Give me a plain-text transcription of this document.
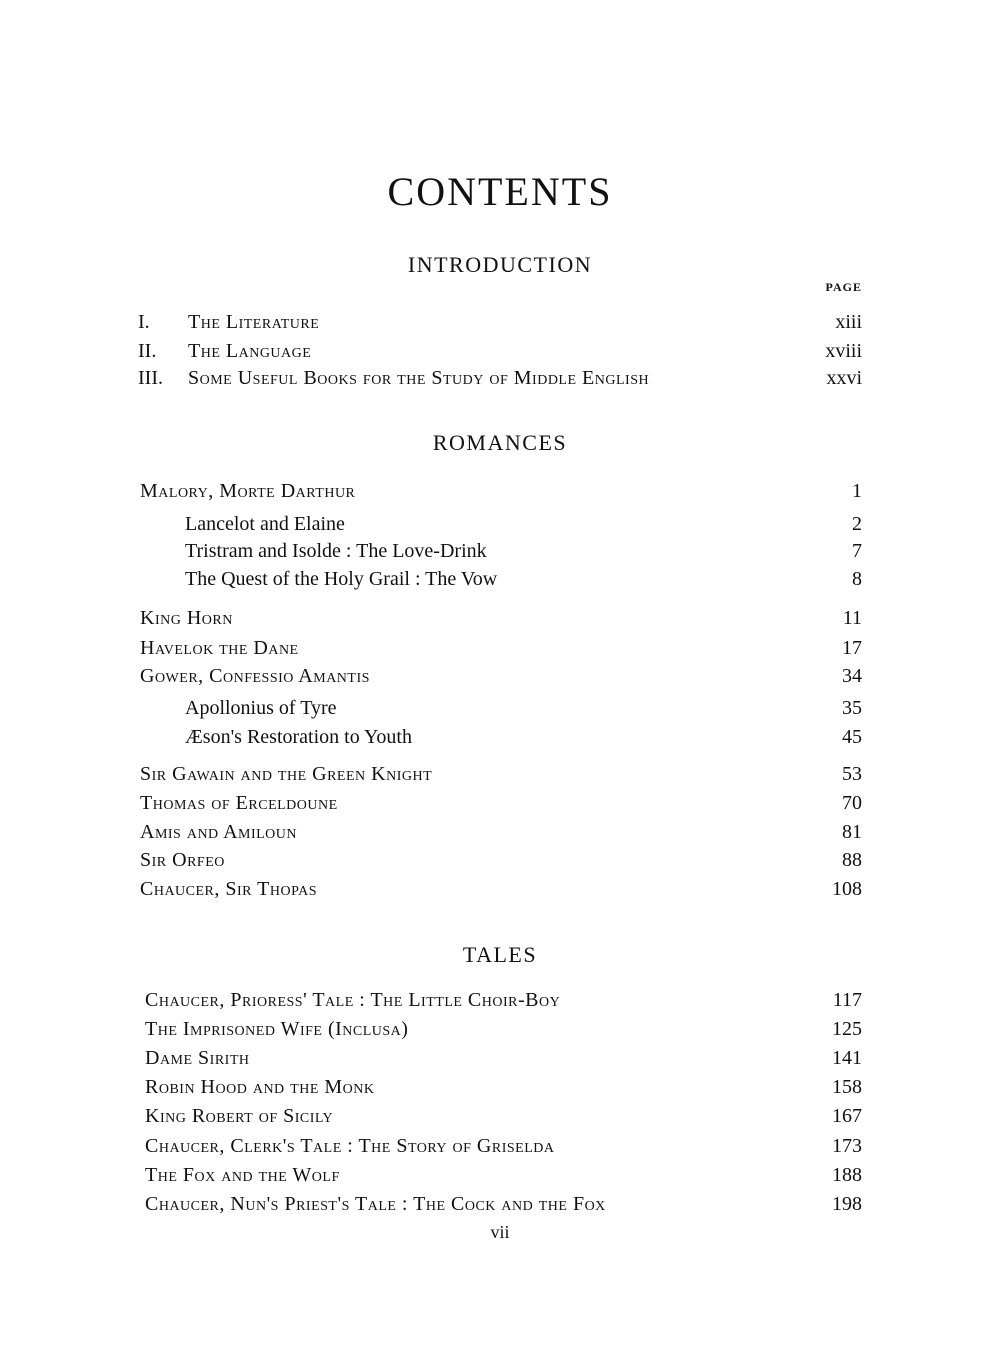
CONTENTS
INTRODUCTION
PAGE
I.	The Literature	xiii
II.	The Language	xviii
III.	Some Useful Books for the Study of Middle English	xxvi
ROMANCES
Malory, Morte Darthur	1
Lancelot and Elaine	2
Tristram and Isolde : The Love-Drink	7
The Quest of the Holy Grail : The Vow	8
King Horn	11
Havelok the Dane	17
Gower, Confessio Amantis	34
Apollonius of Tyre	35
Æson's Restoration to Youth	45
Sir Gawain and the Green Knight	53
Thomas of Erceldoune	70
Amis and Amiloun	81
Sir Orfeo	88
Chaucer, Sir Thopas	108
TALES
Chaucer, Prioress' Tale : The Little Choir-Boy	117
The Imprisoned Wife (Inclusa)	125
Dame Sirith	141
Robin Hood and the Monk	158
King Robert of Sicily	167
Chaucer, Clerk's Tale : The Story of Griselda	173
The Fox and the Wolf	188
Chaucer, Nun's Priest's Tale : The Cock and the Fox	198
vii
